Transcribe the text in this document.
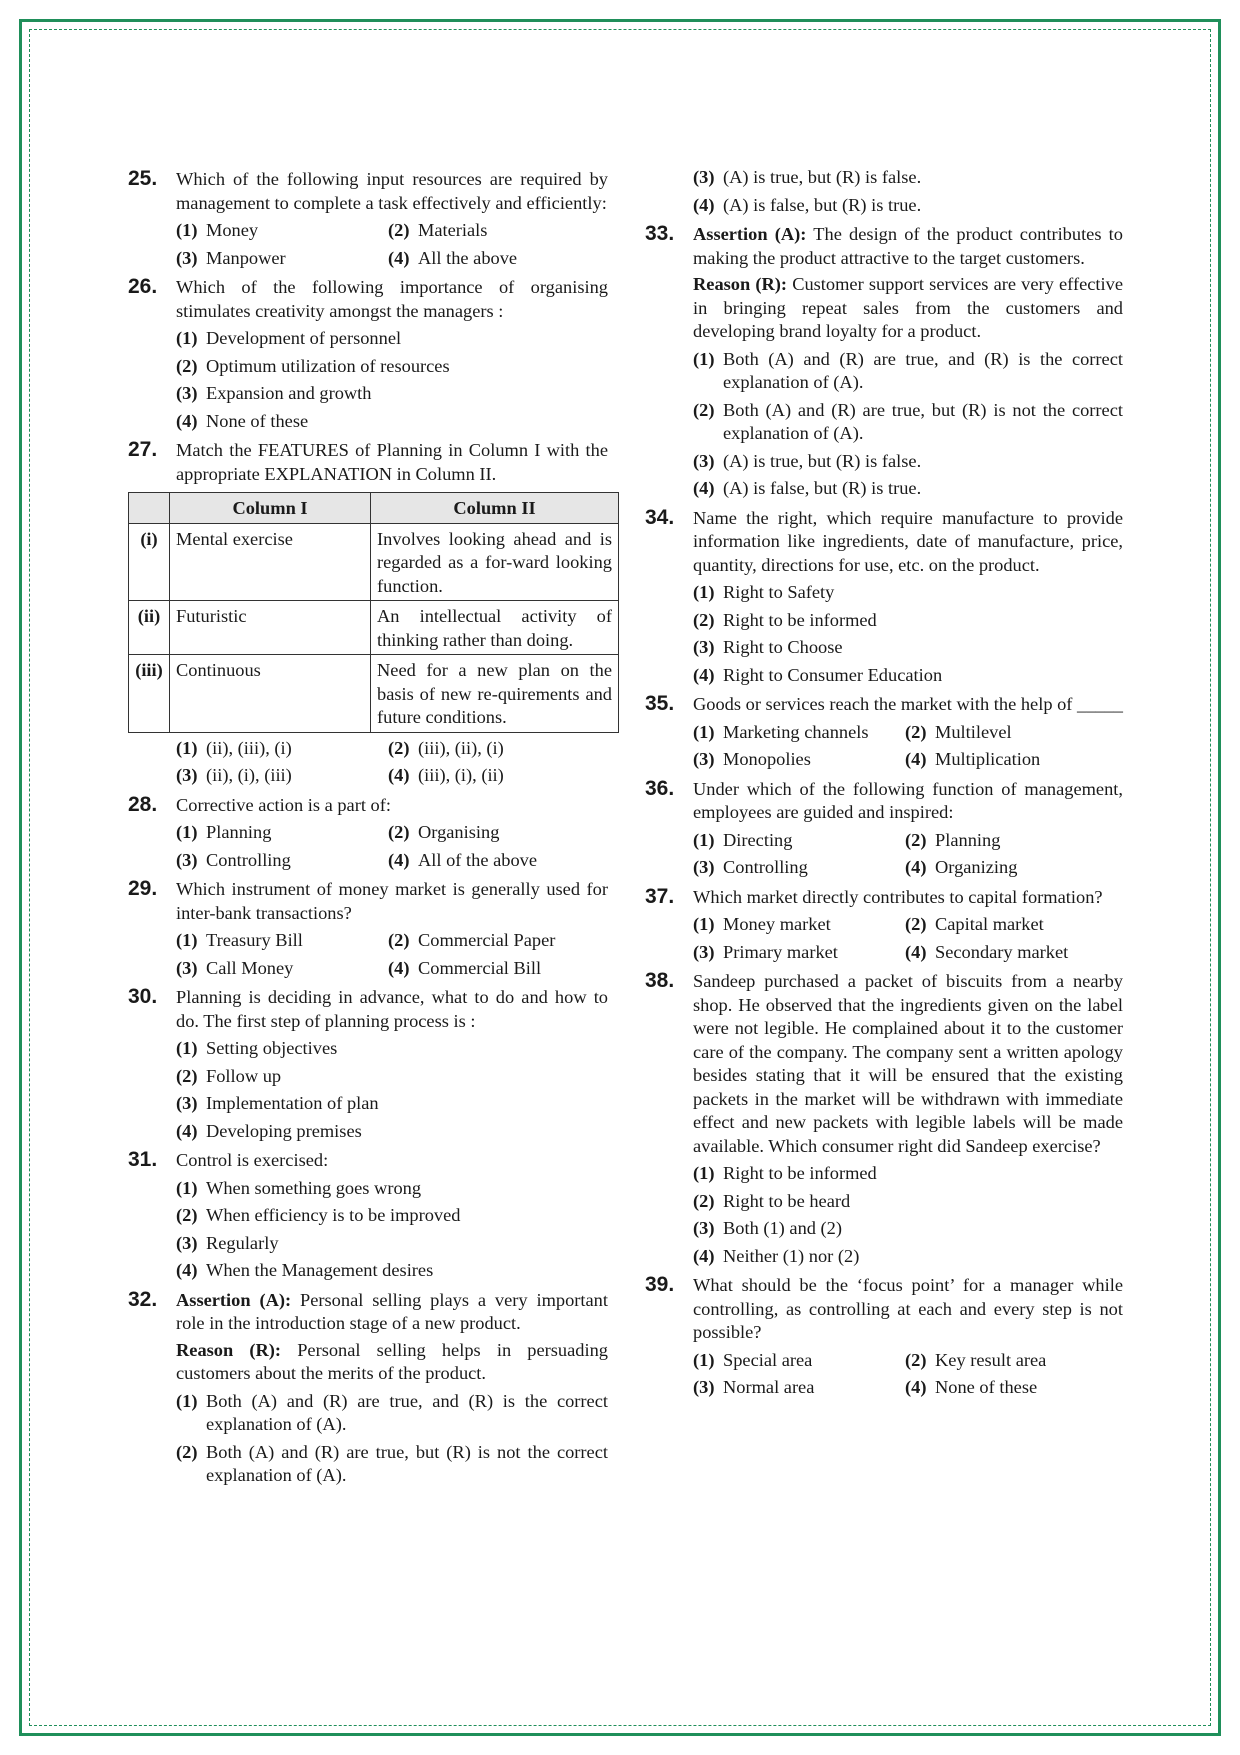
25. Which of the following input resources are required by management to complete a task effectively and efficiently:
(1) Money	(2) Materials
(3) Manpower	(4) All the above
26. Which of the following importance of organising stimulates creativity amongst the managers :
(1) Development of personnel
(2) Optimum utilization of resources
(3) Expansion and growth
(4) None of these
27. Match the FEATURES of Planning in Column I with the appropriate EXPLANATION in Column II.
	Column I	Column II
(i)	Mental exercise	Involves looking ahead and is regarded as a for-ward looking function.
(ii)	Futuristic	An intellectual activity of thinking rather than doing.
(iii)	Continuous	Need for a new plan on the basis of new re-quirements and future conditions.
(1) (ii), (iii), (i)	(2) (iii), (ii), (i)
(3) (ii), (i), (iii)	(4) (iii), (i), (ii)
28. Corrective action is a part of:
(1) Planning	(2) Organising
(3) Controlling	(4) All of the above
29. Which instrument of money market is generally used for inter-bank transactions?
(1) Treasury Bill	(2) Commercial Paper
(3) Call Money	(4) Commercial Bill
30. Planning is deciding in advance, what to do and how to do. The first step of planning process is :
(1) Setting objectives
(2) Follow up
(3) Implementation of plan
(4) Developing premises
31. Control is exercised:
(1) When something goes wrong
(2) When efficiency is to be improved
(3) Regularly
(4) When the Management desires
32. Assertion (A): Personal selling plays a very important role in the introduction stage of a new product.
Reason (R): Personal selling helps in persuading customers about the merits of the product.
(1) Both (A) and (R) are true, and (R) is the correct explanation of (A).
(2) Both (A) and (R) are true, but (R) is not the correct explanation of (A).
(3) (A) is true, but (R) is false.
(4) (A) is false, but (R) is true.
33. Assertion (A): The design of the product contributes to making the product attractive to the target customers.
Reason (R): Customer support services are very effective in bringing repeat sales from the customers and developing brand loyalty for a product.
(1) Both (A) and (R) are true, and (R) is the correct explanation of (A).
(2) Both (A) and (R) are true, but (R) is not the correct explanation of (A).
(3) (A) is true, but (R) is false.
(4) (A) is false, but (R) is true.
34. Name the right, which require manufacture to provide information like ingredients, date of manufacture, price, quantity, directions for use, etc. on the product.
(1) Right to Safety
(2) Right to be informed
(3) Right to Choose
(4) Right to Consumer Education
35. Goods or services reach the market with the help of _____
(1) Marketing channels	(2) Multilevel
(3) Monopolies	(4) Multiplication
36. Under which of the following function of management, employees are guided and inspired:
(1) Directing	(2) Planning
(3) Controlling	(4) Organizing
37. Which market directly contributes to capital formation?
(1) Money market	(2) Capital market
(3) Primary market	(4) Secondary market
38. Sandeep purchased a packet of biscuits from a nearby shop. He observed that the ingredients given on the label were not legible. He complained about it to the customer care of the company. The company sent a written apology besides stating that it will be ensured that the existing packets in the market will be withdrawn with immediate effect and new packets with legible labels will be made available. Which consumer right did Sandeep exercise?
(1) Right to be informed
(2) Right to be heard
(3) Both (1) and (2)
(4) Neither (1) nor (2)
39. What should be the ‘focus point’ for a manager while controlling, as controlling at each and every step is not possible?
(1) Special area	(2) Key result area
(3) Normal area	(4) None of these
